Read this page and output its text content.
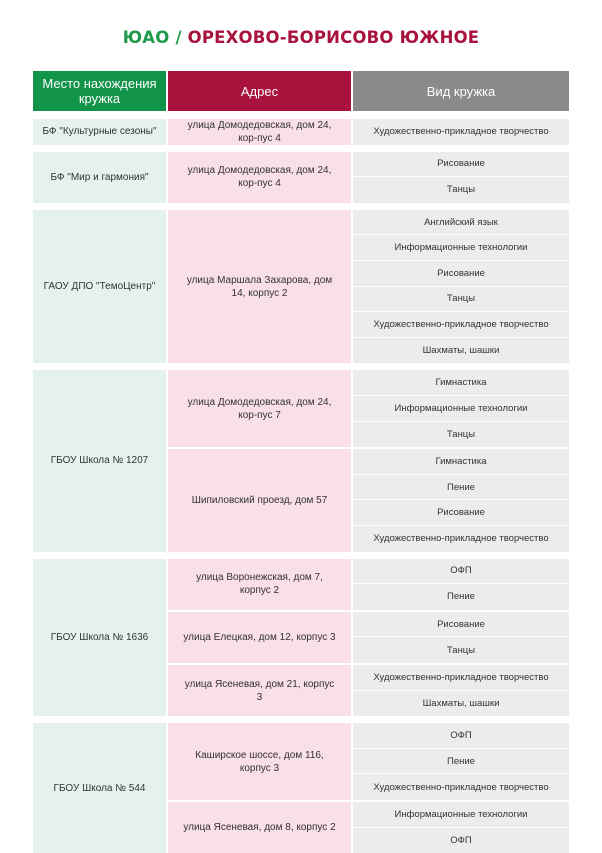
ЮАО / ОРЕХОВО-БОРИСОВО ЮЖНОЕ
Место нахождения кружка	Адрес	Вид кружка
Художественно-прикладное творчество
улица Домодедовская, дом 24, кор-пус 4
БФ "Культурные сезоны"
Рисование
Танцы
улица Домодедовская, дом 24, кор-пус 4
БФ "Мир и гармония"
Английский язык
Информационные технологии
Рисование
Танцы
Художественно-прикладное творчество
Шахматы, шашки
улица Маршала Захарова, дом 14, корпус 2
ГАОУ ДПО "ТемоЦентр"
Гимнастика
Информационные технологии
Танцы
улица Домодедовская, дом 24, кор-пус 7
Гимнастика
Пение
Рисование
Художественно-прикладное творчество
Шипиловский проезд, дом 57
ГБОУ Школа № 1207
ОФП
Пение
улица Воронежская, дом 7, корпус 2
Рисование
Танцы
улица Елецкая, дом 12, корпус 3
Художественно-прикладное творчество
Шахматы, шашки
улица Ясеневая, дом 21, корпус 3
ГБОУ Школа № 1636
ОФП
Пение
Художественно-прикладное творчество
Каширское шоссе, дом 116, корпус 3
Информационные технологии
ОФП
улица Ясеневая, дом 8, корпус 2
ГБОУ Школа № 544
